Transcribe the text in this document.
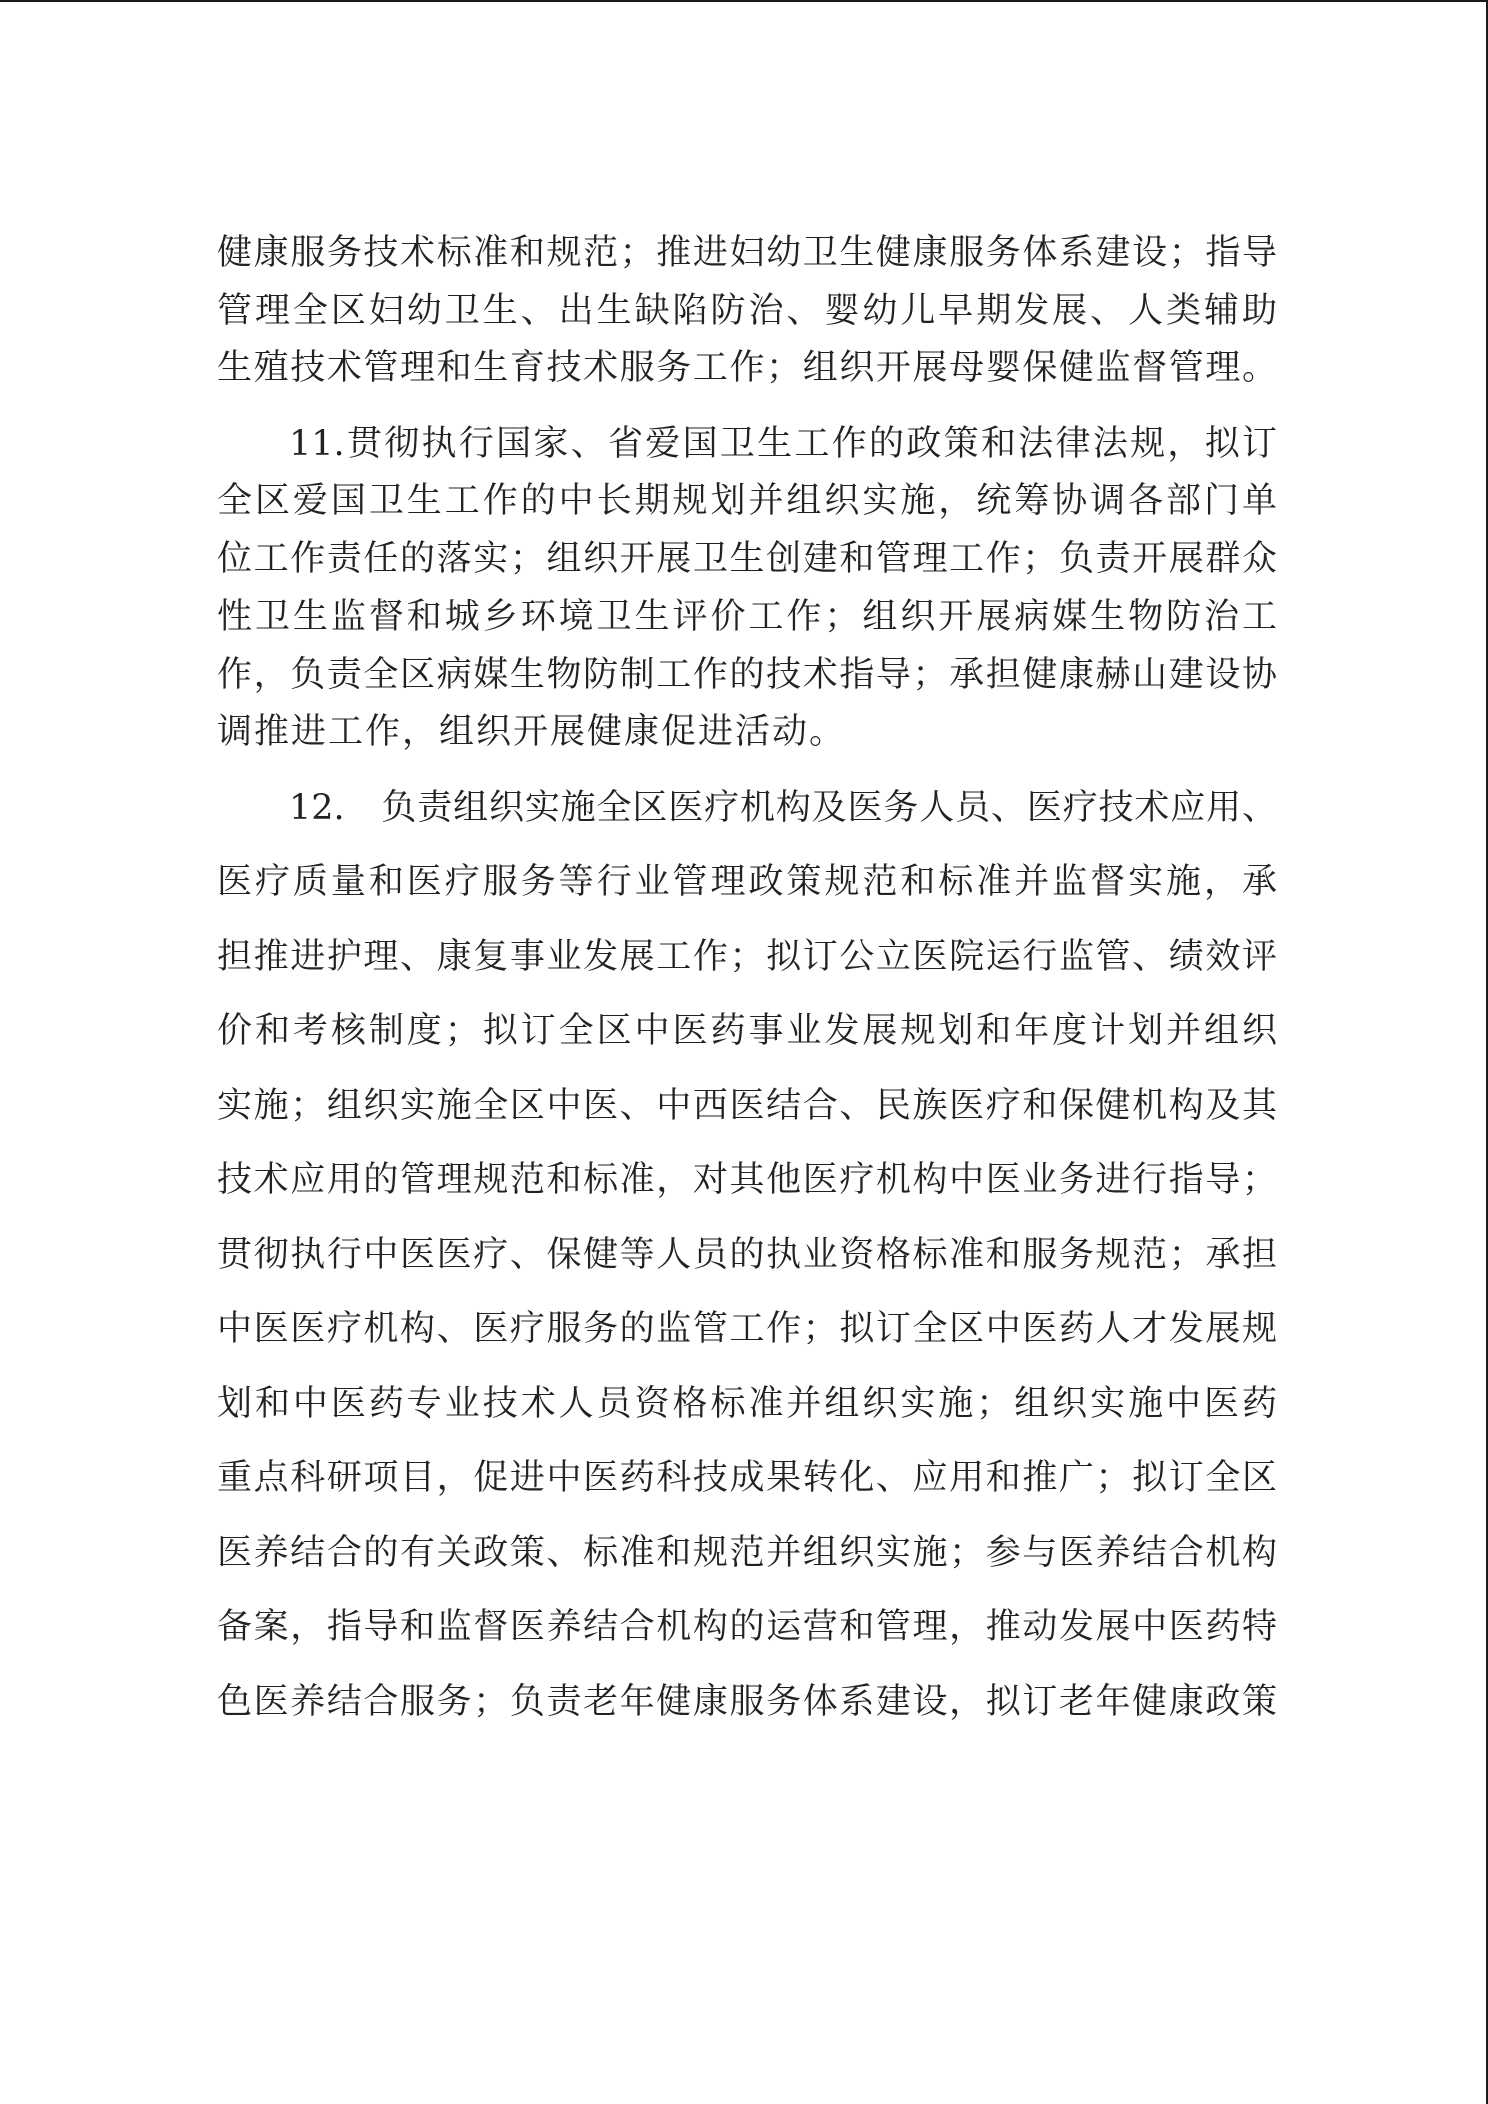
健康服务技术标准和规范；推进妇幼卫生健康服务体系建设；指导
管理全区妇幼卫生、出生缺陷防治、婴幼儿早期发展、人类辅助
生殖技术管理和生育技术服务工作；组织开展母婴保健监督管理。
11.贯彻执行国家、省爱国卫生工作的政策和法律法规，拟订
全区爱国卫生工作的中长期规划并组织实施，统筹协调各部门单
位工作责任的落实；组织开展卫生创建和管理工作；负责开展群众
性卫生监督和城乡环境卫生评价工作；组织开展病媒生物防治工
作，负责全区病媒生物防制工作的技术指导；承担健康赫山建设协
调推进工作，组织开展健康促进活动。
12.　负责组织实施全区医疗机构及医务人员、医疗技术应用、
医疗质量和医疗服务等行业管理政策规范和标准并监督实施，承
担推进护理、康复事业发展工作；拟订公立医院运行监管、绩效评
价和考核制度；拟订全区中医药事业发展规划和年度计划并组织
实施；组织实施全区中医、中西医结合、民族医疗和保健机构及其
技术应用的管理规范和标准，对其他医疗机构中医业务进行指导；
贯彻执行中医医疗、保健等人员的执业资格标准和服务规范；承担
中医医疗机构、医疗服务的监管工作；拟订全区中医药人才发展规
划和中医药专业技术人员资格标准并组织实施；组织实施中医药
重点科研项目，促进中医药科技成果转化、应用和推广；拟订全区
医养结合的有关政策、标准和规范并组织实施；参与医养结合机构
备案，指导和监督医养结合机构的运营和管理，推动发展中医药特
色医养结合服务；负责老年健康服务体系建设，拟订老年健康政策
